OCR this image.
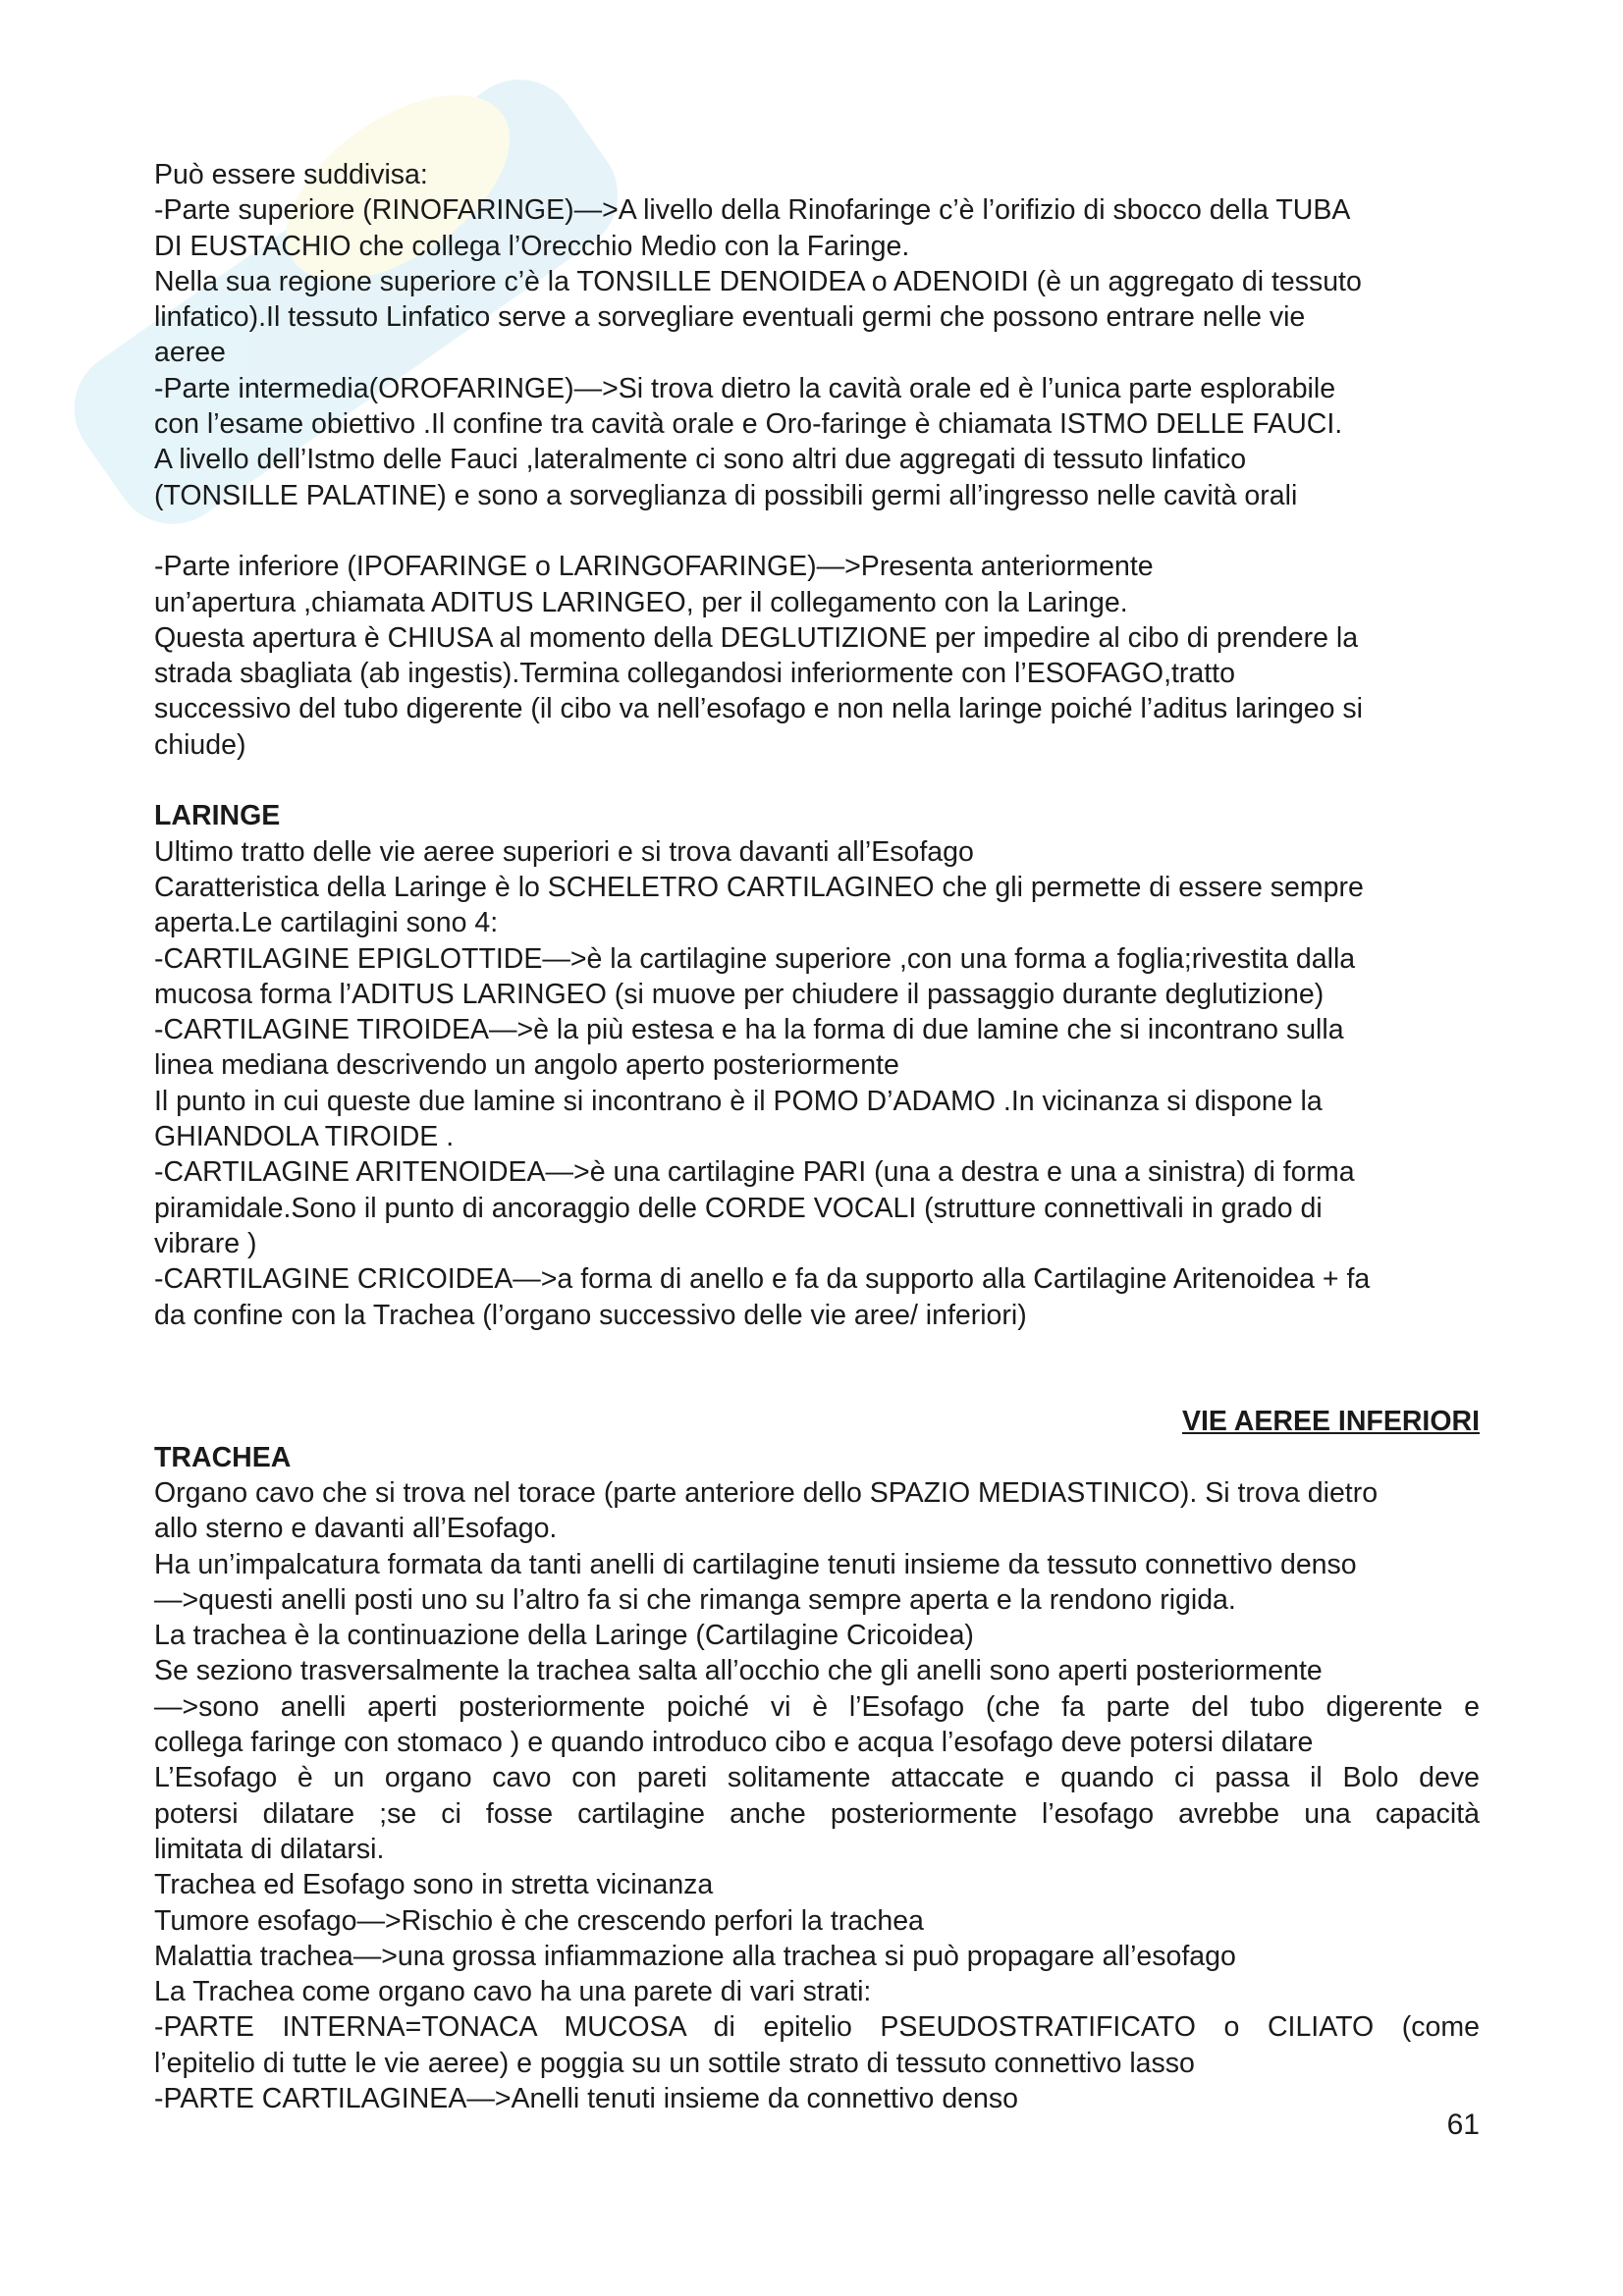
Può essere suddivisa:
-Parte superiore (RINOFARINGE)—>A livello della Rinofaringe c’è l’orifizio di sbocco della TUBA
DI EUSTACHIO che collega l’Orecchio Medio con la Faringe.
Nella sua regione superiore c’è la TONSILLE DENOIDEA o ADENOIDI (è un aggregato di tessuto
linfatico).Il tessuto Linfatico serve a sorvegliare eventuali germi che possono entrare nelle vie
aeree
-Parte intermedia(OROFARINGE)—>Si trova dietro la cavità orale ed è l’unica parte esplorabile
con l’esame obiettivo .Il confine tra cavità orale e Oro-faringe è chiamata ISTMO DELLE FAUCI.
A livello dell’Istmo delle Fauci ,lateralmente ci sono altri due aggregati di tessuto linfatico
(TONSILLE PALATINE) e sono a sorveglianza di possibili germi all’ingresso nelle cavità orali
-Parte inferiore (IPOFARINGE o LARINGOFARINGE)—>Presenta anteriormente
un’apertura ,chiamata ADITUS LARINGEO, per il collegamento con la Laringe.
Questa apertura è CHIUSA al momento della DEGLUTIZIONE per impedire al cibo di prendere la
strada sbagliata (ab ingestis).Termina collegandosi inferiormente con l’ESOFAGO,tratto
successivo del tubo digerente (il cibo va nell’esofago e non nella laringe poiché l’aditus laringeo si
chiude)
LARINGE
Ultimo tratto delle vie aeree superiori e si trova davanti all’Esofago
Caratteristica della Laringe è lo SCHELETRO CARTILAGINEO che gli permette di essere sempre
aperta.Le cartilagini sono 4:
-CARTILAGINE EPIGLOTTIDE—>è la cartilagine superiore ,con una forma a foglia;rivestita dalla
mucosa forma l’ADITUS LARINGEO (si muove per chiudere il passaggio durante deglutizione)
-CARTILAGINE TIROIDEA—>è la più estesa e ha la forma di due lamine che si incontrano sulla
linea mediana descrivendo un angolo aperto posteriormente
Il punto in cui queste due lamine si incontrano è il POMO D’ADAMO .In vicinanza si dispone la
GHIANDOLA TIROIDE .
-CARTILAGINE ARITENOIDEA—>è una cartilagine PARI (una a destra e una a sinistra) di forma
piramidale.Sono il punto di ancoraggio delle CORDE VOCALI (strutture connettivali in grado di
vibrare )
-CARTILAGINE CRICOIDEA—>a forma di anello e fa da supporto alla Cartilagine Aritenoidea + fa
da confine con la Trachea (l’organo successivo delle vie aree/ inferiori)
VIE AEREE INFERIORI
TRACHEA
Organo cavo che si trova nel torace (parte anteriore dello SPAZIO MEDIASTINICO). Si trova dietro
allo sterno e davanti all’Esofago.
Ha un’impalcatura formata da tanti anelli di cartilagine tenuti insieme da tessuto connettivo denso
—>questi anelli posti uno su l’altro fa si che rimanga sempre aperta e la rendono rigida.
La trachea è la continuazione della Laringe (Cartilagine Cricoidea)
Se seziono trasversalmente la trachea salta all’occhio che gli anelli sono aperti posteriormente
—>sono anelli aperti posteriormente poiché vi è l’Esofago (che fa parte del tubo digerente e
collega faringe con stomaco ) e quando introduco cibo e acqua l’esofago deve potersi dilatare
L’Esofago è un organo cavo con pareti solitamente attaccate e quando ci passa il Bolo deve
potersi dilatare ;se ci fosse cartilagine anche posteriormente l’esofago avrebbe una capacità
limitata di dilatarsi.
Trachea ed Esofago sono in stretta vicinanza
Tumore esofago—>Rischio è che crescendo perfori la trachea
Malattia trachea—>una grossa infiammazione alla trachea si può propagare all’esofago
La Trachea come organo cavo ha una parete di vari strati:
-PARTE INTERNA=TONACA MUCOSA di epitelio PSEUDOSTRATIFICATO o CILIATO (come
l’epitelio di tutte le vie aeree) e poggia su un sottile strato di tessuto connettivo lasso
-PARTE CARTILAGINEA—>Anelli tenuti insieme da connettivo denso
61
